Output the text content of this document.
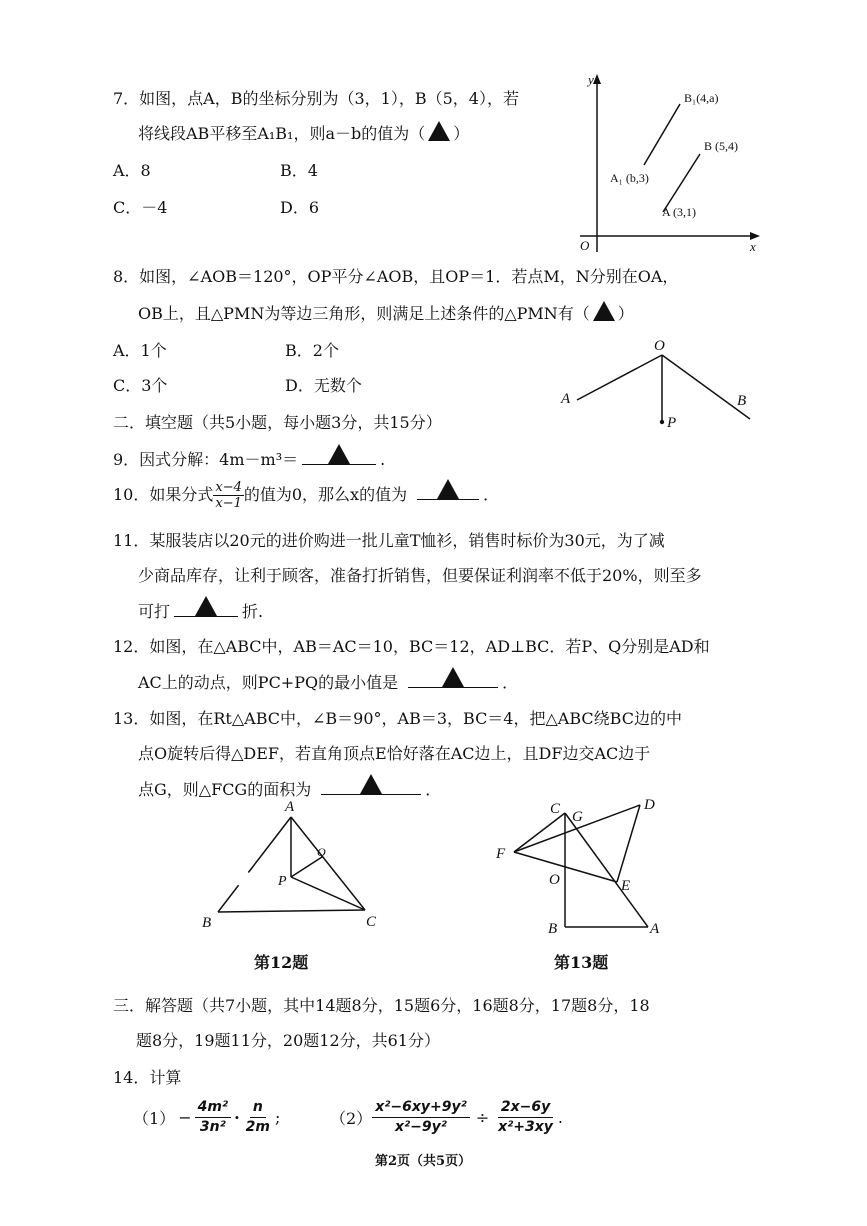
7．如图，点A，B的坐标分别为（3，1），B（5，4），若
将线段AB平移至A₁B₁，则a－b的值为（ ）
A．8	B．4
C．－4	D．6
y
x
O
B₁(4,a)
B (5,4)
A₁ (b,3)
A (3,1)
8．如图，∠AOB＝120°，OP平分∠AOB，且OP＝1．若点M，N分别在OA，
OB上，且△PMN为等边三角形，则满足上述条件的△PMN有（ ）
A．1个	B．2个
C．3个	D．无数个
O
A	B
P
二．填空题（共5小题，每小题3分，共15分）
9．因式分解：4m－m³＝	.
10．如果分式 $\frac{x-4}{x-1}$ 的值为0，那么x的值为	．
11．某服装店以20元的进价购进一批儿童T恤衫，销售时标价为30元，为了减
少商品库存，让利于顾客，准备打折销售，但要保证利润率不低于20%，则至多
可打	折.
12．如图，在△ABC中，AB＝AC＝10，BC＝12，AD⊥BC．若P、Q分别是AD和
AC上的动点，则PC+PQ的最小值是	．
13．如图，在Rt△ABC中，∠B＝90°，AB＝3，BC＝4，把△ABC绕BC边的中
点O旋转后得△DEF，若直角顶点E恰好落在AC边上，且DF边交AC边于
点G，则△FCG的面积为	．
A
B	C
P
Q
第12题
C G
D
F
O	E
B	A
第13题
三．解答题（共7小题，其中14题8分，15题6分，16题8分，17题8分，18
题8分，19题11分，20题12分，共61分）
14．计算
$(1) - \frac{\text{4m²}}{\text{3n²}} \cdot \frac{n}{2m}$ ;	$(2) \frac{\text{x²−6xy+9y²}}{\text{x²−9y²}} \div \frac{2x-6y}{\text{x²+3xy}}$ .
第2页（共5页）
